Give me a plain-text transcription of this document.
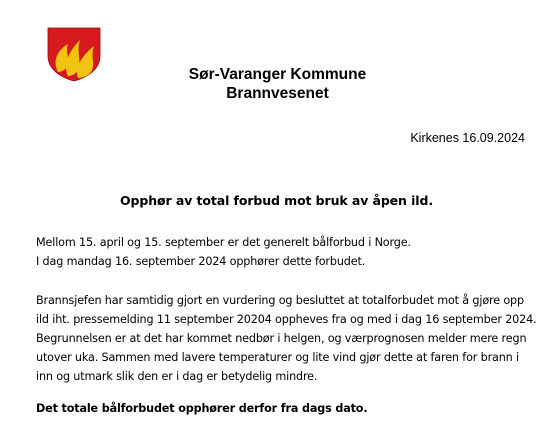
Sør-Varanger Kommune
Brannvesenet
Kirkenes 16.09.2024
Opphør av total forbud mot bruk av åpen ild.

Mellom 15. april og 15. september er det generelt bålforbud i Norge.

I dag mandag 16. september 2024 opphører dette forbudet.

Brannsjefen har samtidig gjort en vurdering og besluttet at totalforbudet mot å gjøre opp

ild iht. pressemelding 11 september 20204 oppheves fra og med i dag 16 september 2024.

Begrunnelsen er at det har kommet nedbør i helgen, og værprognosen melder mere regn

utover uka. Sammen med lavere temperaturer og lite vind gjør dette at faren for brann i

inn og utmark slik den er i dag er betydelig mindre.

Det totale bålforbudet opphører derfor fra dags dato.
